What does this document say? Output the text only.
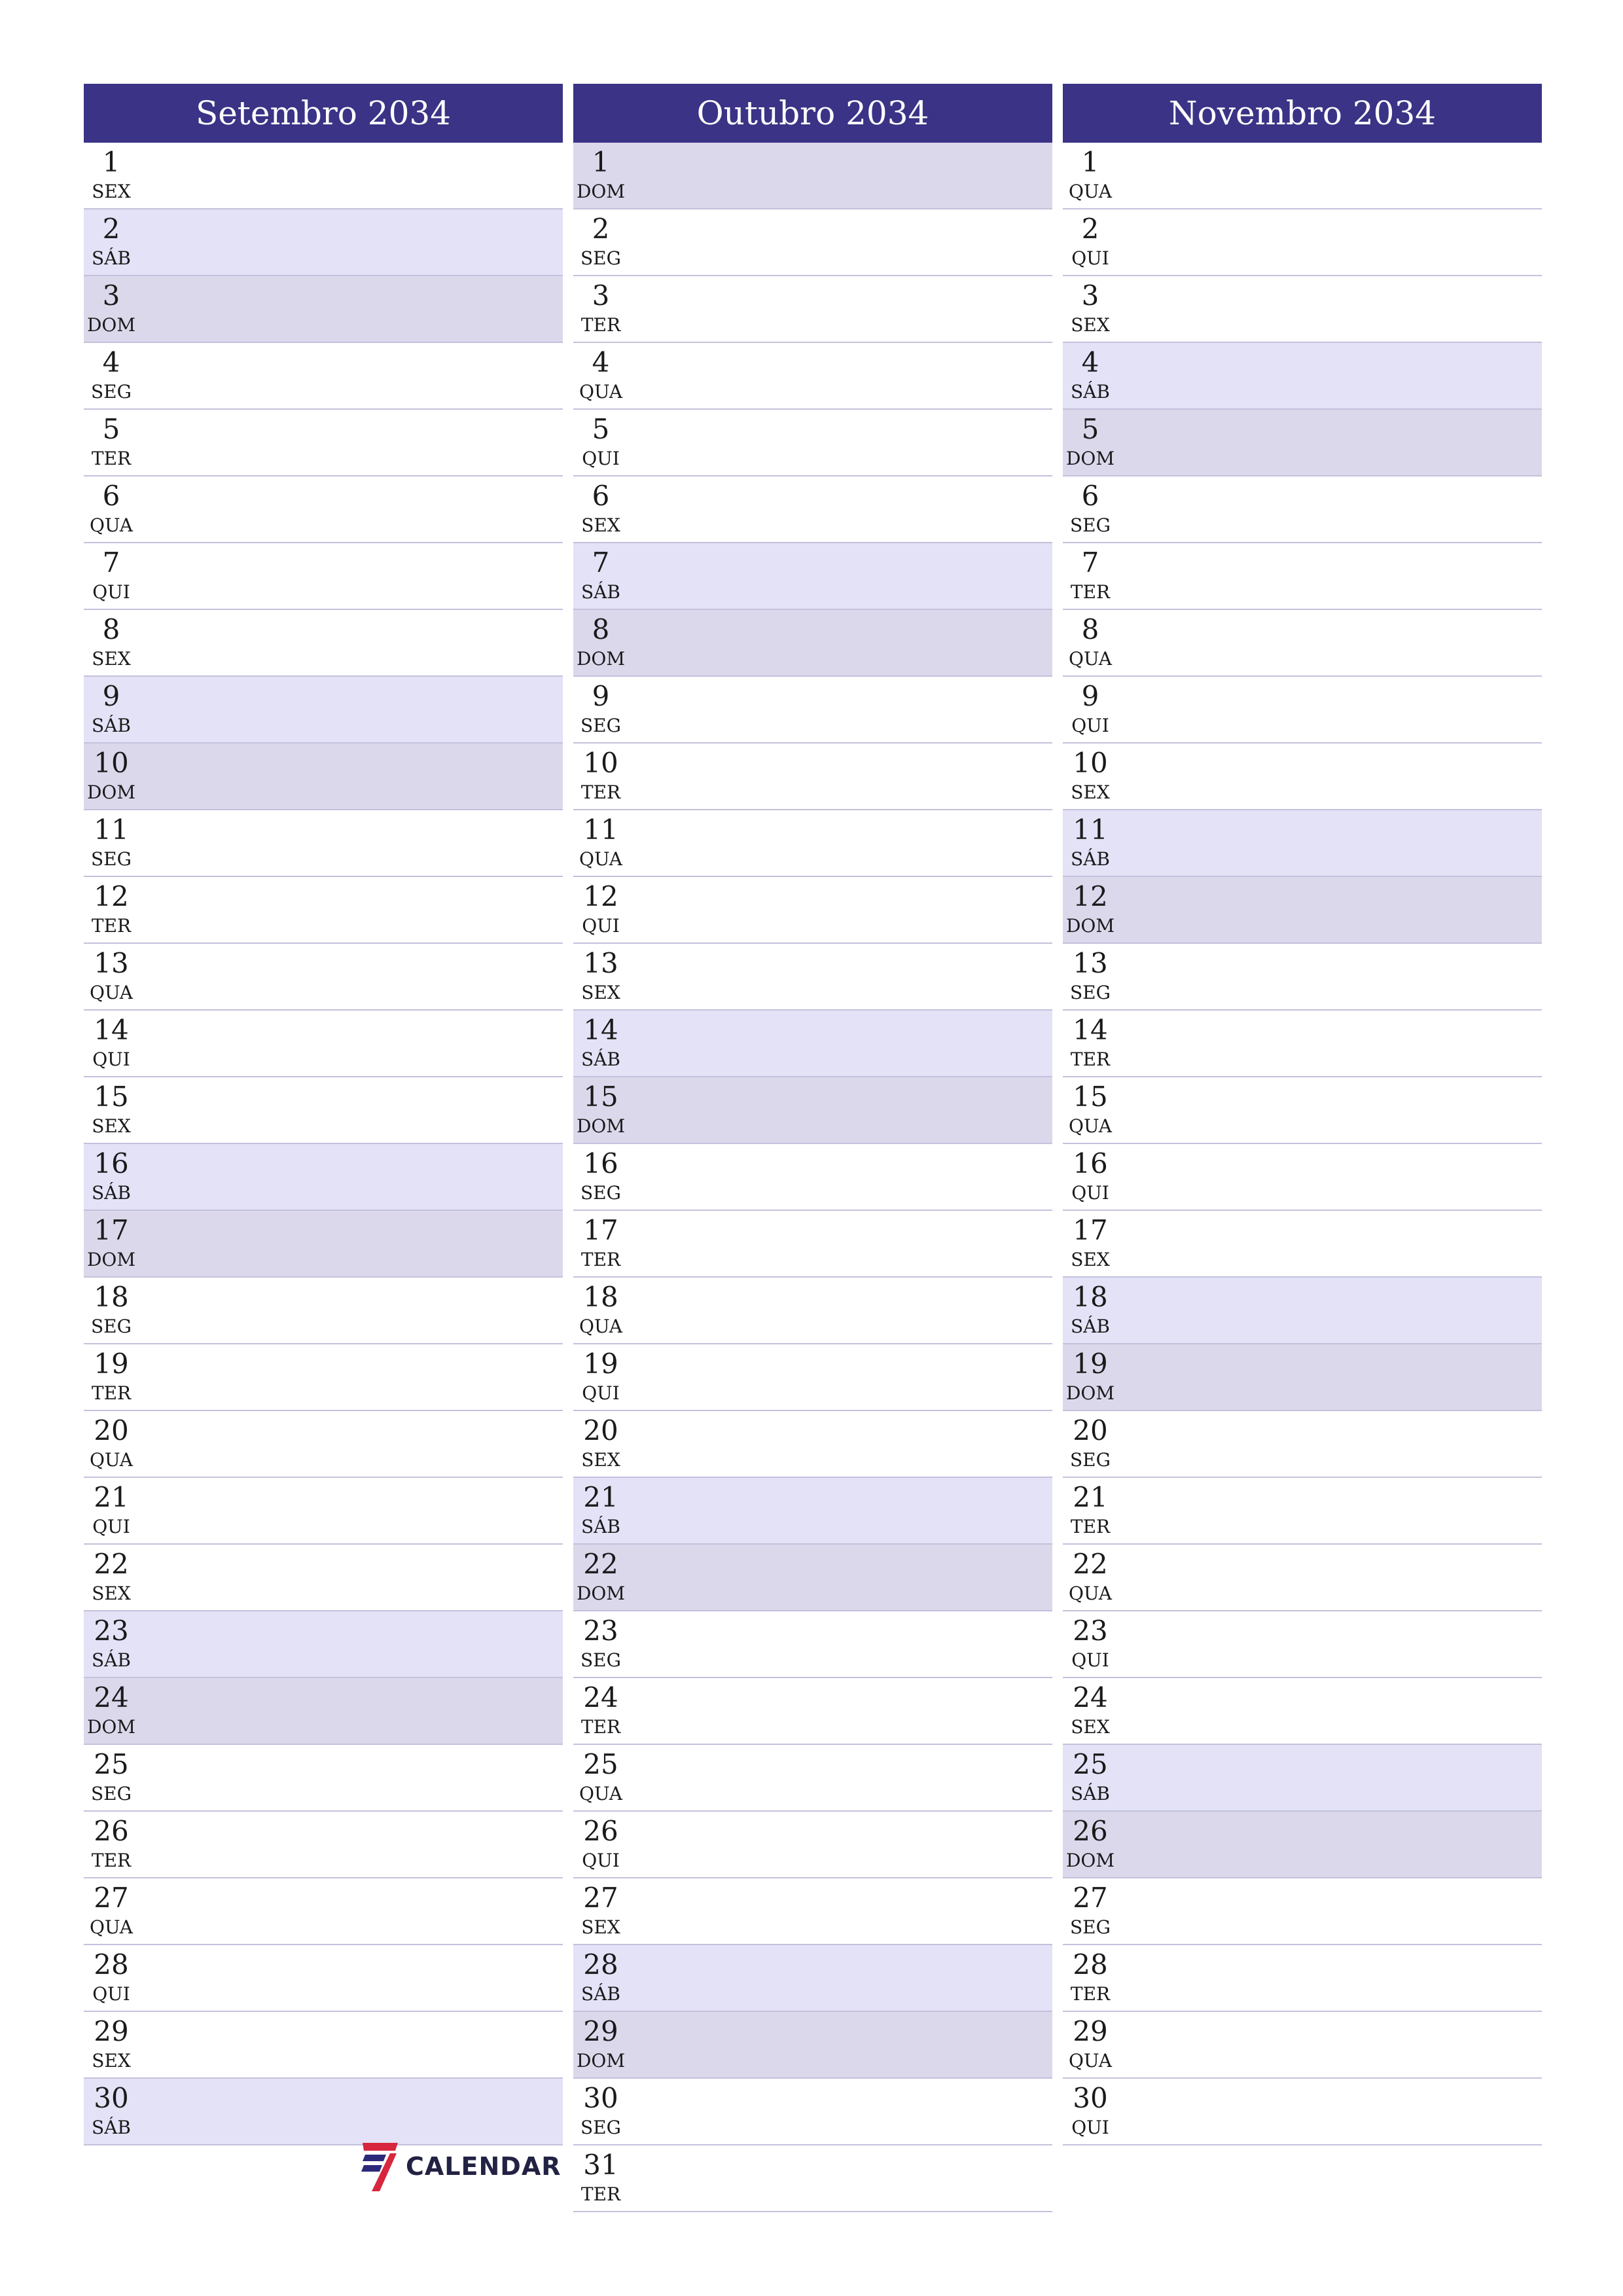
Setembro 2034
1
SEX
2
SÁB
3
DOM
4
SEG
5
TER
6
QUA
7
QUI
8
SEX
9
SÁB
10
DOM
11
SEG
12
TER
13
QUA
14
QUI
15
SEX
16
SÁB
17
DOM
18
SEG
19
TER
20
QUA
21
QUI
22
SEX
23
SÁB
24
DOM
25
SEG
26
TER
27
QUA
28
QUI
29
SEX
30
SÁB
Outubro 2034
1
DOM
2
SEG
3
TER
4
QUA
5
QUI
6
SEX
7
SÁB
8
DOM
9
SEG
10
TER
11
QUA
12
QUI
13
SEX
14
SÁB
15
DOM
16
SEG
17
TER
18
QUA
19
QUI
20
SEX
21
SÁB
22
DOM
23
SEG
24
TER
25
QUA
26
QUI
27
SEX
28
SÁB
29
DOM
30
SEG
31
TER
Novembro 2034
1
QUA
2
QUI
3
SEX
4
SÁB
5
DOM
6
SEG
7
TER
8
QUA
9
QUI
10
SEX
11
SÁB
12
DOM
13
SEG
14
TER
15
QUA
16
QUI
17
SEX
18
SÁB
19
DOM
20
SEG
21
TER
22
QUA
23
QUI
24
SEX
25
SÁB
26
DOM
27
SEG
28
TER
29
QUA
30
QUI
CALENDAR
